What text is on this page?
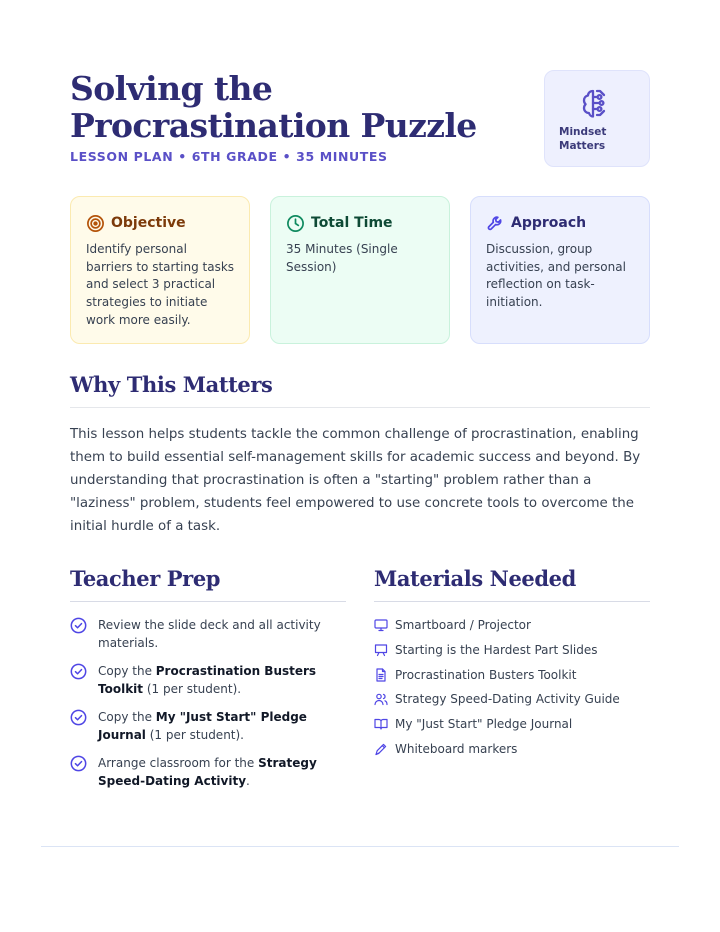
Solving the Procrastination Puzzle
LESSON PLAN • 6TH GRADE • 35 MINUTES
Mindset Matters
Objective
Identify personal barriers to starting tasks and select 3 practical strategies to initiate work more easily.
Total Time
35 Minutes (Single Session)
Approach
Discussion, group activities, and personal reflection on task-initiation.
Why This Matters

This lesson helps students tackle the common challenge of procrastination, enabling them to build essential self-management skills for academic success and beyond. By understanding that procrastination is often a "starting" problem rather than a "laziness" problem, students feel empowered to use concrete tools to overcome the initial hurdle of a task.

Teacher Prep
Review the slide deck and all activity materials.
Copy the Procrastination Busters Toolkit (1 per student).
Copy the My "Just Start" Pledge Journal (1 per student).
Arrange classroom for the Strategy Speed-Dating Activity.
Materials Needed
Smartboard / Projector
Starting is the Hardest Part Slides
Procrastination Busters Toolkit
Strategy Speed-Dating Activity Guide
My "Just Start" Pledge Journal
Whiteboard markers
